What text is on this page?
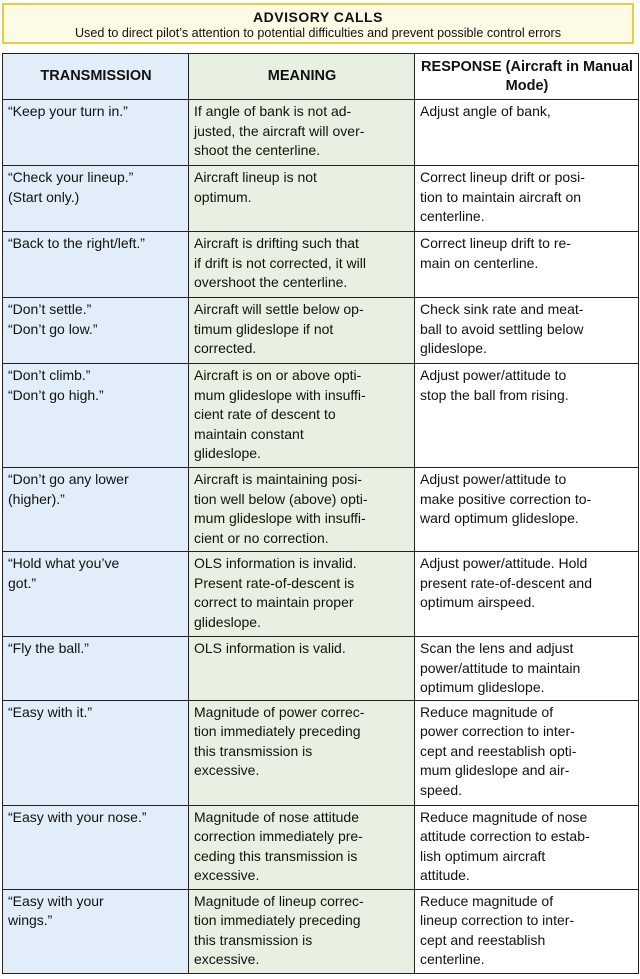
ADVISORY CALLS
Used to direct pilot’s attention to potential difficulties and prevent possible control errors
TRANSMISSION	MEANING	RESPONSE (Aircraft in Manual Mode)

“Keep your turn in.”	If angle of bank is not ad-
justed, the aircraft will over-
shoot the centerline.	Adjust angle of bank,

“Check your lineup.”
(Start only.)	Aircraft lineup is not
optimum.	Correct lineup drift or posi-
tion to maintain aircraft on
centerline.

“Back to the right/left.”	Aircraft is drifting such that
if drift is not corrected, it will
overshoot the centerline.	Correct lineup drift to re-
main on centerline.

“Don’t settle.”
“Don’t go low.”	Aircraft will settle below op-
timum glideslope if not
corrected.	Check sink rate and meat-
ball to avoid settling below
glideslope.

“Don’t climb.”
“Don’t go high.”	Aircraft is on or above opti-
mum glideslope with insuffi-
cient rate of descent to
maintain constant
glideslope.	Adjust power/attitude to
stop the ball from rising.

“Don’t go any lower
(higher).”	Aircraft is maintaining posi-
tion well below (above) opti-
mum glideslope with insuffi-
cient or no correction.	Adjust power/attitude to
make positive correction to-
ward optimum glideslope.

“Hold what you’ve
got.”	OLS information is invalid.
Present rate-of-descent is
correct to maintain proper
glideslope.	Adjust power/attitude. Hold
present rate-of-descent and
optimum airspeed.

“Fly the ball.”	OLS information is valid.	Scan the lens and adjust
power/attitude to maintain
optimum glideslope.

“Easy with it.”	Magnitude of power correc-
tion immediately preceding
this transmission is
excessive.	Reduce magnitude of
power correction to inter-
cept and reestablish opti-
mum glideslope and air-
speed.

“Easy with your nose.”	Magnitude of nose attitude
correction immediately pre-
ceding this transmission is
excessive.	Reduce magnitude of nose
attitude correction to estab-
lish optimum aircraft
attitude.

“Easy with your
wings.”	Magnitude of lineup correc-
tion immediately preceding
this transmission is
excessive.	Reduce magnitude of
lineup correction to inter-
cept and reestablish
centerline.
